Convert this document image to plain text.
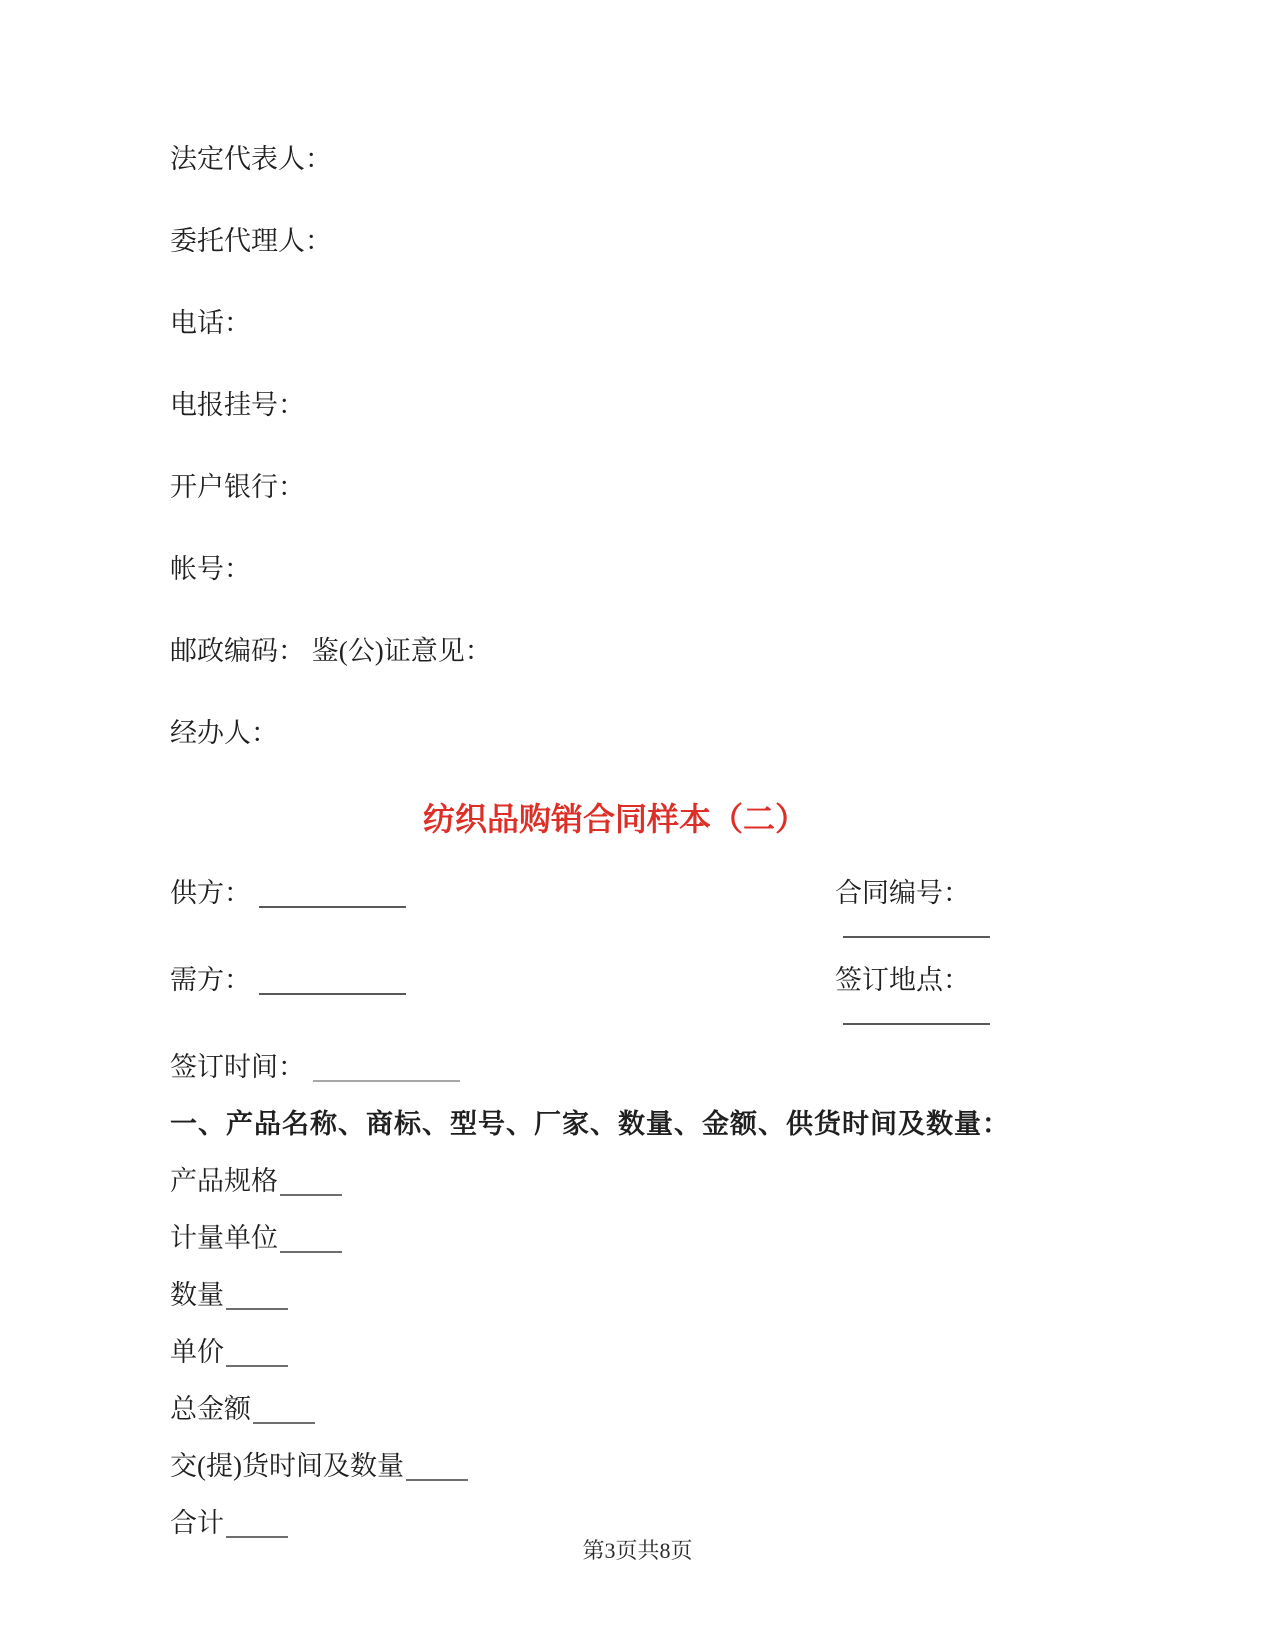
法定代表人：
委托代理人：
电话：
电报挂号：
开户银行：
帐号：
邮政编码： 鉴(公)证意见：
经办人：
纺织品购销合同样本（二）
供方：	合同编号：
需方：	签订地点：
签订时间：
一、产品名称、商标、型号、厂家、数量、金额、供货时间及数量：
产品规格
计量单位
数量
单价
总金额
交(提)货时间及数量
合计
第3页共8页
